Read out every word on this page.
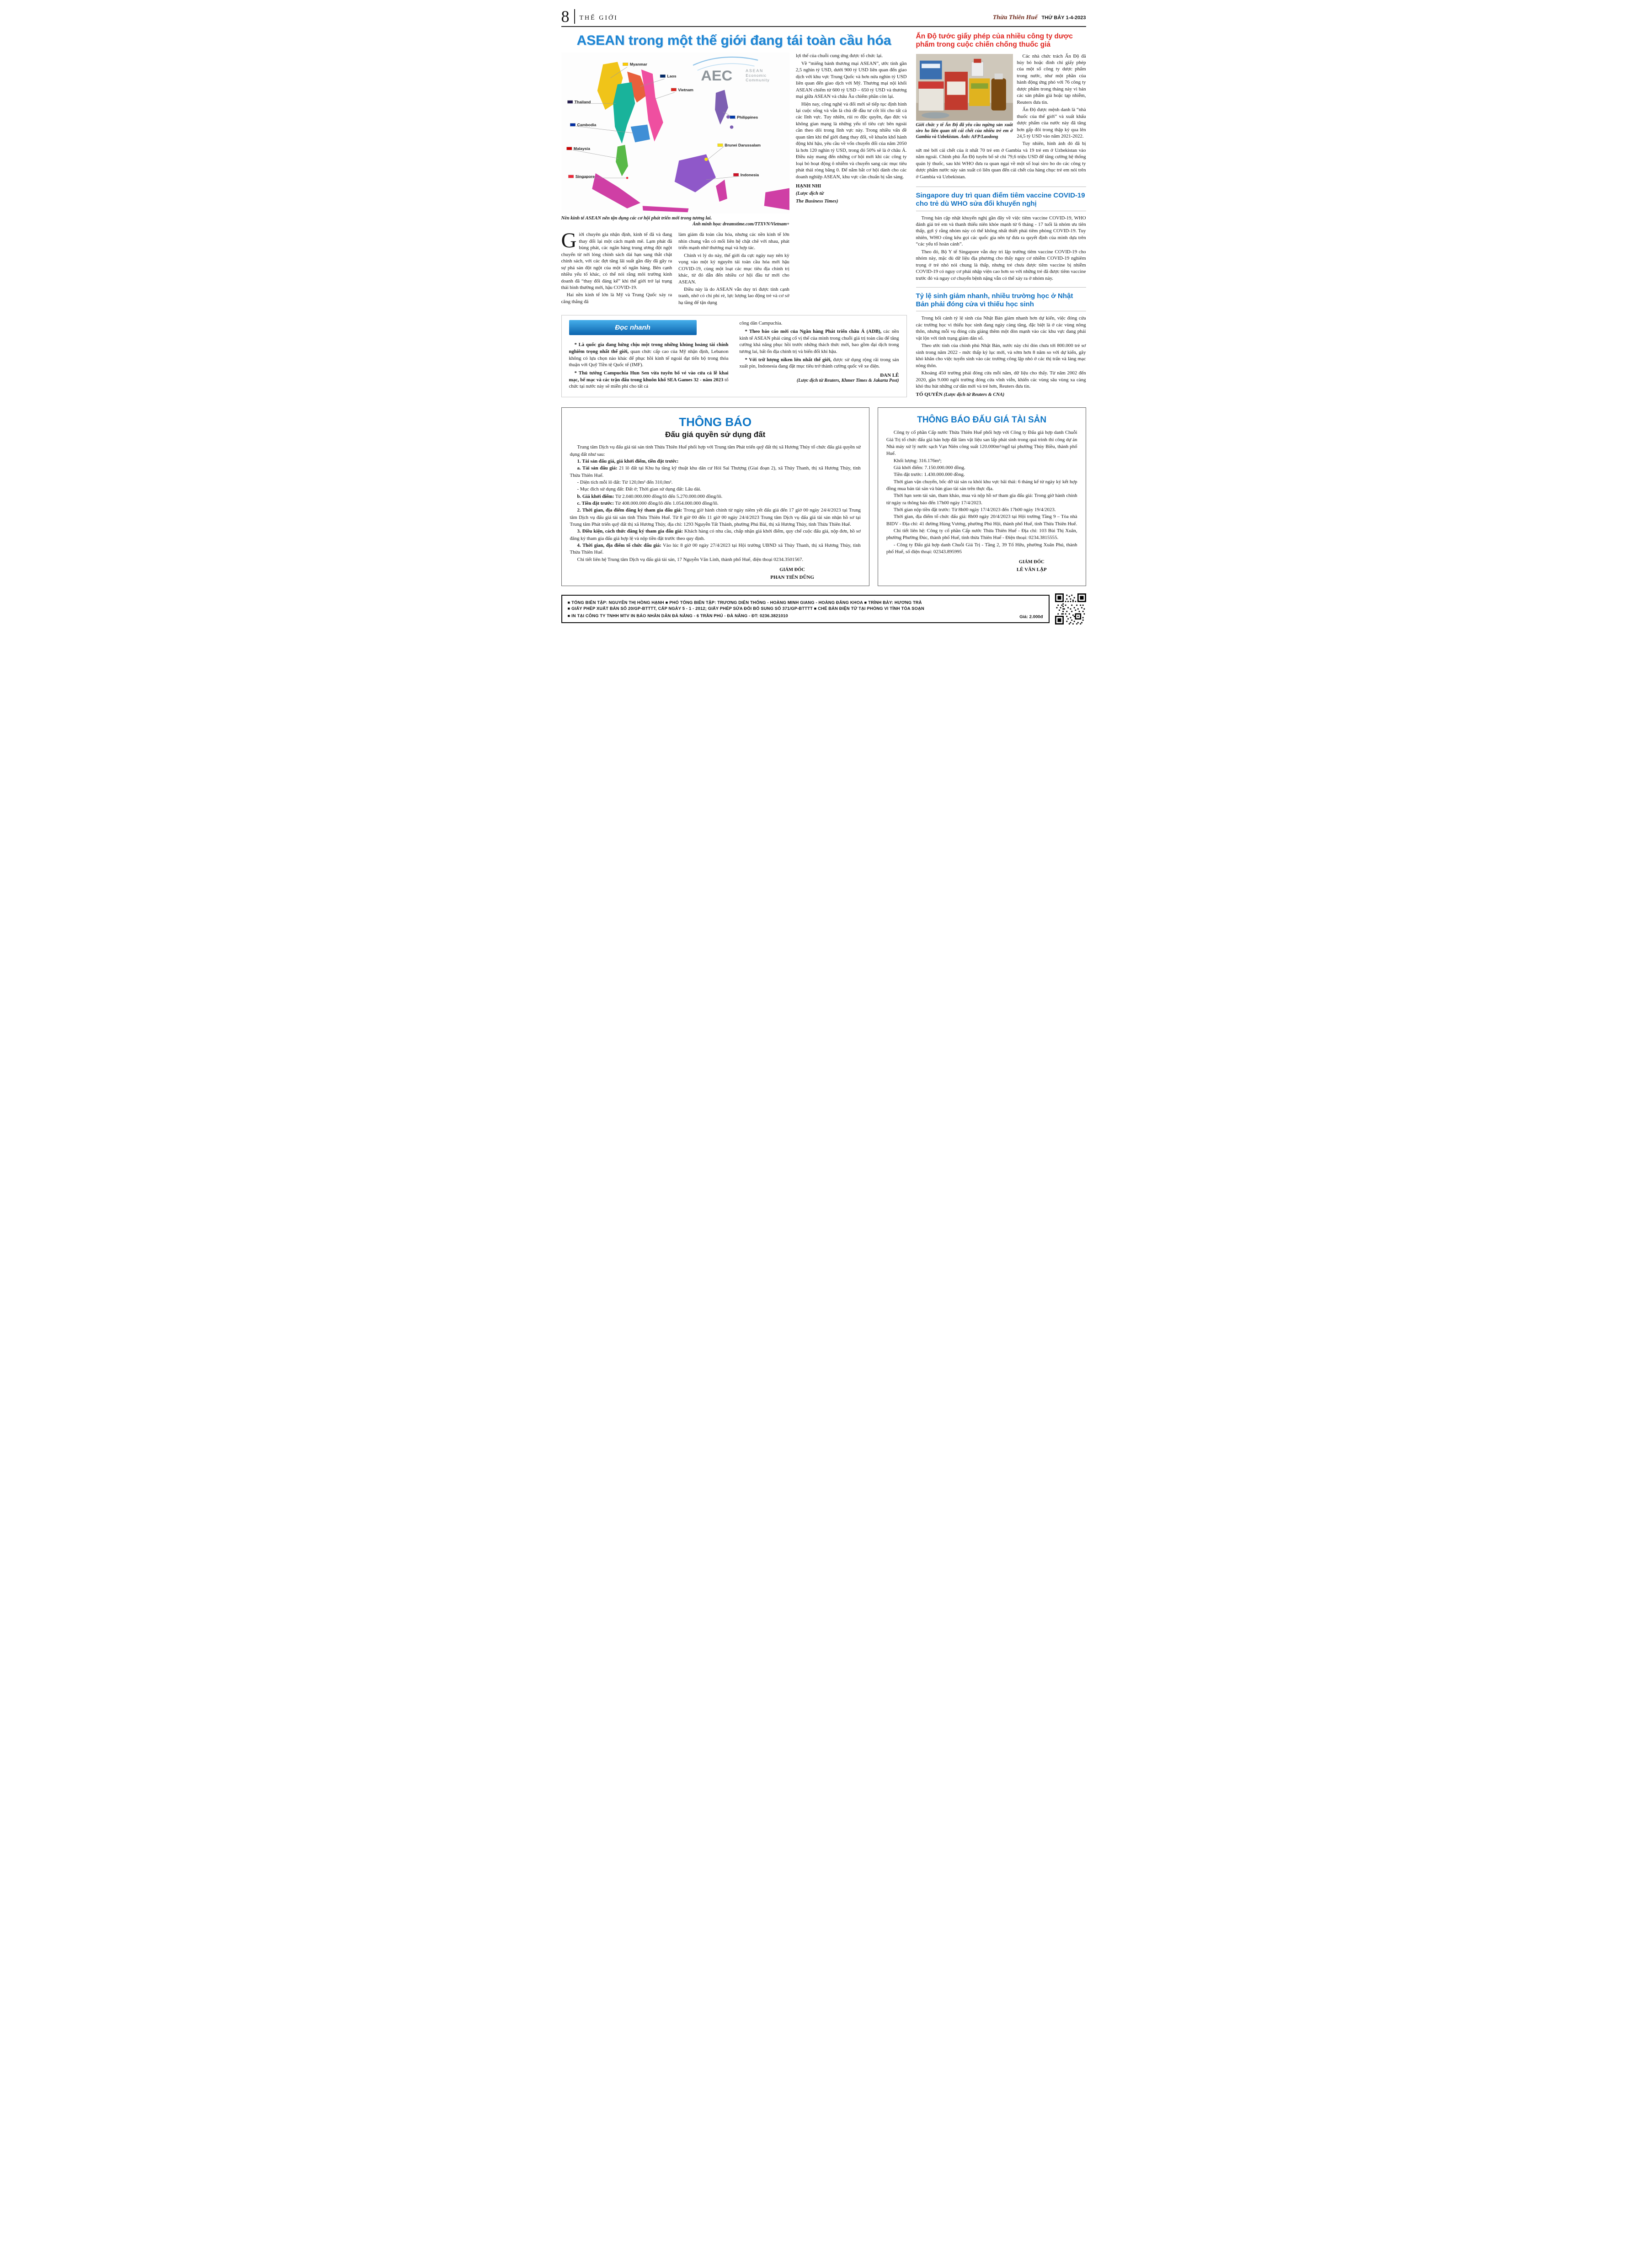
8 THẾ GIỚI	Thừa Thiên Huế THỨ BẢY 1-4-2023
ASEAN trong một thế giới đang tái toàn cầu hóa
AEC	ASEAN
Economic
Community
Myanmar
Laos
Vietnam
Thailand
Cambodia
Philippines
Brunei Darussalam
Malaysia
Singapore	Indonesia
Nền kinh tế ASEAN nên tận dụng các cơ hội phát triển mới trong tương lai.
Ảnh minh họa: dreamstime.com/TTXVN/Vietnam+

Giới chuyên gia nhận định, kinh tế đã và đang thay đổi lại một cách mạnh mẽ. Lạm phát đã bùng phát, các ngân hàng trung ương đột ngột chuyển từ nới lỏng chính sách dài hạn sang thắt chặt chính sách, với các đợt tăng lãi suất gần đây đã gây ra sự phá sản đột ngột của một số ngân hàng. Bên cạnh nhiều yếu tố khác, có thể nói rằng môi trường kinh doanh đã “thay đổi đáng kể” khi thế giới trở lại trạng thái bình thường mới, hậu COVID-19.

Hai nền kinh tế lớn là Mỹ và Trung Quốc xảy ra căng thẳng đã

làm giảm đà toàn cầu hóa, nhưng các nền kinh tế lớn nhìn chung vẫn có mối liên hệ chặt chẽ với nhau, phát triển mạnh nhờ thương mại và hợp tác.

Chính vì lý do này, thế giới đa cực ngày nay nên kỳ vọng vào một kỷ nguyên tái toàn cầu hóa mới hậu COVID-19, cùng một loạt các mục tiêu địa chính trị khác, từ đó dẫn đến nhiều cơ hội đầu tư mới cho ASEAN.

Điều này là do ASEAN vẫn duy trì được tính cạnh tranh, nhờ có chi phí rẻ, lực lượng lao động trẻ và cơ sở hạ tầng để tận dụng

lợi thế của chuỗi cung ứng được tổ chức lại.

Về “miếng bánh thương mại ASEAN”, ước tính gần 2,5 nghìn tỷ USD, dưới 900 tỷ USD liên quan đến giao dịch với khu vực Trung Quốc và hơn nửa nghìn tỷ USD liên quan đến giao dịch với Mỹ. Thương mại nội khối ASEAN chiếm từ 600 tỷ USD – 650 tỷ USD và thương mại giữa ASEAN và châu Âu chiếm phần còn lại.

Hiện nay, công nghệ và đổi mới sẽ tiếp tục định hình lại cuộc sống và vẫn là chủ đề đầu tư cốt lõi cho tất cả các lĩnh vực. Tuy nhiên, rủi ro độc quyền, đạo đức và không gian mạng là những yếu tố tiêu cực bên ngoài cần theo dõi trong lĩnh vực này. Trong nhiều vấn đề quan tâm khi thế giới đang thay đổi, về khuôn khổ hành động khí hậu, yêu cầu về vốn chuyển đổi của năm 2050 là hơn 120 nghìn tỷ USD, trong đó 50% sẽ là ở châu Á. Điều này mang đến những cơ hội mới khi các công ty loại bỏ hoạt động ô nhiễm và chuyển sang các mục tiêu phát thải ròng bằng 0. Để nắm bắt cơ hội dành cho các doanh nghiệp ASEAN, khu vực cần chuẩn bị sẵn sàng.

HẠNH NHI

(Lược dịch từ

The Business Times)

Đọc nhanh

* Là quốc gia đang hứng chịu một trong những khủng hoảng tài chính nghiêm trọng nhất thế giới, quan chức cấp cao của Mỹ nhận định, Lebanon không có lựa chọn nào khác để phục hồi kinh tế ngoài đạt tiến bộ trong thỏa thuận với Quỹ Tiền tệ Quốc tế (IMF).

* Thủ tướng Campuchia Hun Sen vừa tuyên bố vé vào cửa cả lễ khai mạc, bế mạc và các trận đấu trong khuôn khổ SEA Games 32 - năm 2023 tổ chức tại nước này sẽ miễn phí cho tất cả

công dân Campuchia.

* Theo báo cáo mới của Ngân hàng Phát triển châu Á (ADB), các nền kinh tế ASEAN phải củng cố vị thế của mình trong chuỗi giá trị toàn cầu để tăng cường khả năng phục hồi trước những thách thức mới, bao gồm đại dịch trong tương lai, bất ổn địa chính trị và biến đổi khí hậu.

* Với trữ lượng niken lớn nhất thế giới, được sử dụng rộng rãi trong sản xuất pin, Indonesia đang đặt mục tiêu trở thành cường quốc về xe điện.

ĐAN LÊ

(Lược dịch từ Reuters, Khmer Times & Jakarta Post)

Ấn Độ tước giấy phép của nhiều công ty dược phẩm trong cuộc chiến chống thuốc giả
Giới chức y tế Ấn Độ đã yêu cầu ngừng sản xuất siro ho liên quan tới cái chết của nhiều trẻ em ở Gambia và Uzbekistan. Ảnh: AFP/Laodong

Các nhà chức trách Ấn Độ đã hủy bỏ hoặc đình chỉ giấy phép của một số công ty dược phẩm trong nước, như một phần của hành động ứng phó với 76 công ty dược phẩm trong tháng này vì bán các sản phẩm giả hoặc tạp nhiễm, Reuters đưa tin.

Ấn Độ được mệnh danh là “nhà thuốc của thế giới” và xuất khẩu dược phẩm của nước này đã tăng hơn gấp đôi trong thập kỷ qua lên 24,5 tỷ USD vào năm 2021-2022.

Tuy nhiên, hình ảnh đó đã bị sứt mẻ bởi cái chết của ít nhất 70 trẻ em ở Gambia và 19 trẻ em ở Uzbekistan vào năm ngoái. Chính phủ Ấn Độ tuyên bố sẽ chi 79,6 triệu USD để tăng cường hệ thống quản lý thuốc, sau khi WHO đưa ra quan ngại về một số loại siro ho do các công ty dược phẩm nước này sản xuất có liên quan đến cái chết của hàng chục trẻ em nói trên ở Gambia và Uzbekistan.

Singapore duy trì quan điểm tiêm vaccine COVID-19 cho trẻ dù WHO sửa đổi khuyến nghị

Trong bản cập nhật khuyến nghị gần đây về việc tiêm vaccine COVID-19, WHO đánh giá trẻ em và thanh thiếu niên khỏe mạnh từ 6 tháng - 17 tuổi là nhóm ưu tiên thấp, gợi ý rằng nhóm này có thể không nhất thiết phải tiêm phòng COVID-19. Tuy nhiên, WHO cũng kêu gọi các quốc gia nên tự đưa ra quyết định của mình dựa trên “các yếu tố hoàn cảnh”.

Theo đó, Bộ Y tế Singapore vẫn duy trì lập trường tiêm vaccine COVID-19 cho nhóm này, mặc dù dữ liệu địa phương cho thấy nguy cơ nhiễm COVID-19 nghiêm trọng ở trẻ nhỏ nói chung là thấp, nhưng trẻ chưa được tiêm vaccine bị nhiễm COVID-19 có nguy cơ phải nhập viện cao hơn so với những trẻ đã được tiêm vaccine trước đó và nguy cơ chuyển bệnh nặng vẫn có thể xảy ra ở nhóm này.

Tỷ lệ sinh giảm nhanh, nhiều trường học ở Nhật Bản phải đóng cửa vì thiếu học sinh

Trong bối cảnh tỷ lệ sinh của Nhật Bản giảm nhanh hơn dự kiến, việc đóng cửa các trường học vì thiếu học sinh đang ngày càng tăng, đặc biệt là ở các vùng nông thôn, nhưng mỗi vụ đóng cửa giáng thêm một đòn mạnh vào các khu vực đang phải vật lộn với tình trạng giảm dân số.

Theo ước tính của chính phủ Nhật Bản, nước này chỉ đón chưa tới 800.000 trẻ sơ sinh trong năm 2022 - mức thấp kỷ lục mới, và sớm hơn 8 năm so với dự kiến, gây khó khăn cho việc tuyển sinh vào các trường công lập nhỏ ở các thị trấn và làng mạc nông thôn.

Khoảng 450 trường phải đóng cửa mỗi năm, dữ liệu cho thấy. Từ năm 2002 đến 2020, gần 9.000 ngôi trường đóng cửa vĩnh viễn, khiến các vùng sâu vùng xa càng khó thu hút những cư dân mới và trẻ hơn, Reuters đưa tin.

TỐ QUYÊN (Lược dịch từ Reuters & CNA)

THÔNG BÁO
Đấu giá quyền sử dụng đất

Trung tâm Dịch vụ đấu giá tài sản tỉnh Thừa Thiên Huế phối hợp với Trung tâm Phát triển quỹ đất thị xã Hương Thủy tổ chức đấu giá quyền sử dụng đất như sau:

1. Tài sản đấu giá, giá khởi điểm, tiền đặt trước:

a. Tài sản đấu giá: 21 lô đất tại Khu hạ tầng kỹ thuật khu dân cư Hói Sai Thượng (Giai đoạn 2), xã Thủy Thanh, thị xã Hương Thủy, tỉnh Thừa Thiên Huế.

- Diện tích mỗi lô đất: Từ 120,0m² đến 310,0m².

- Mục đích sử dụng đất: Đất ở; Thời gian sử dụng đất: Lâu dài.

b. Giá khởi điểm: Từ 2.040.000.000 đồng/lô đến 5.270.000.000 đồng/lô.

c. Tiền đặt trước: Từ 408.000.000 đồng/lô đến 1.054.000.000 đồng/lô.

2. Thời gian, địa điểm đăng ký tham gia đấu giá: Trong giờ hành chính từ ngày niêm yết đấu giá đến 17 giờ 00 ngày 24/4/2023 tại Trung tâm Dịch vụ đấu giá tài sản tỉnh Thừa Thiên Huế. Từ 8 giờ 00 đến 11 giờ 00 ngày 24/4/2023 Trung tâm Dịch vụ đấu giá tài sản nhận hồ sơ tại Trung tâm Phát triển quỹ đất thị xã Hương Thủy, địa chỉ: 1293 Nguyễn Tất Thành, phường Phú Bài, thị xã Hương Thủy, tỉnh Thừa Thiên Huế.

3. Điều kiện, cách thức đăng ký tham gia đấu giá: Khách hàng có nhu cầu, chấp nhận giá khởi điểm, quy chế cuộc đấu giá, nộp đơn, hồ sơ đăng ký tham gia đấu giá hợp lệ và nộp tiền đặt trước theo quy định.

4. Thời gian, địa điểm tổ chức đấu giá: Vào lúc 8 giờ 00 ngày 27/4/2023 tại Hội trường UBND xã Thủy Thanh, thị xã Hương Thủy, tỉnh Thừa Thiên Huế.

Chi tiết liên hệ Trung tâm Dịch vụ đấu giá tài sản, 17 Nguyễn Văn Linh, thành phố Huế, điện thoại 0234.3501567.

GIÁM ĐỐC
PHAN TIẾN DŨNG
THÔNG BÁO ĐẤU GIÁ TÀI SẢN

Công ty cổ phần Cấp nước Thừa Thiên Huế phối hợp với Công ty Đấu giá hợp danh Chuỗi Giá Trị tổ chức đấu giá bán hợp đất làm vật liệu san lấp phát sinh trong quá trình thi công dự án Nhà máy xử lý nước sạch Vạn Niên công suất 120.000m³/ngđ tại phường Thủy Biều, thành phố Huế.

Khối lượng: 316.176m³;

Giá khởi điểm: 7.150.000.000 đồng.

Tiền đặt trước: 1.430.000.000 đồng.

Thời gian vận chuyển, bốc dỡ tài sản ra khỏi khu vực bãi thải: 6 tháng kể từ ngày ký kết hợp đồng mua bán tài sản và bàn giao tài sản trên thực địa.

Thời hạn xem tài sản, tham khảo, mua và nộp hồ sơ tham gia đấu giá: Trong giờ hành chính từ ngày ra thông báo đến 17h00 ngày 17/4/2023.

Thời gian nộp tiền đặt trước: Từ 8h00 ngày 17/4/2023 đến 17h00 ngày 19/4/2023.

Thời gian, địa điểm tổ chức đấu giá: 8h00 ngày 20/4/2023 tại Hội trường Tầng 9 – Tòa nhà BIDV - Địa chỉ: 41 đường Hùng Vương, phường Phú Hội, thành phố Huế, tỉnh Thừa Thiên Huế.

Chi tiết liên hệ: Công ty cổ phần Cấp nước Thừa Thiên Huế - Địa chỉ: 103 Bùi Thị Xuân, phường Phường Đúc, thành phố Huế, tỉnh thừa Thiên Huế - Điện thoại: 0234.3815555.

- Công ty Đấu giá hợp danh Chuỗi Giá Trị - Tầng 2, 39 Tố Hữu, phường Xuân Phú, thành phố Huế, số điện thoại: 02343.895995

GIÁM ĐỐC
LÊ VĂN LẬP

■ TỔNG BIÊN TẬP: NGUYỄN THỊ HỒNG HẠNH ■ PHÓ TỔNG BIÊN TẬP: TRƯƠNG DIÊN THỐNG - HOÀNG MINH GIANG - HOÀNG ĐĂNG KHOA ■ TRÌNH BÀY: HƯƠNG TRÀ

■ GIẤY PHÉP XUẤT BẢN SỐ 20/GP-BTTTT, CẤP NGÀY 5 - 1 - 2012; GIẤY PHÉP SỬA ĐỔI BỔ SUNG SỐ 371/GP-BTTTT ■ CHẾ BẢN ĐIỆN TỬ TẠI PHÒNG VI TÍNH TÒA SOẠN

■ IN TẠI CÔNG TY TNHH MTV IN BÁO NHÂN DÂN ĐÀ NẴNG - 6 TRẦN PHÚ - ĐÀ NẴNG - ĐT: 0236.3821010	Giá: 2.000đ
